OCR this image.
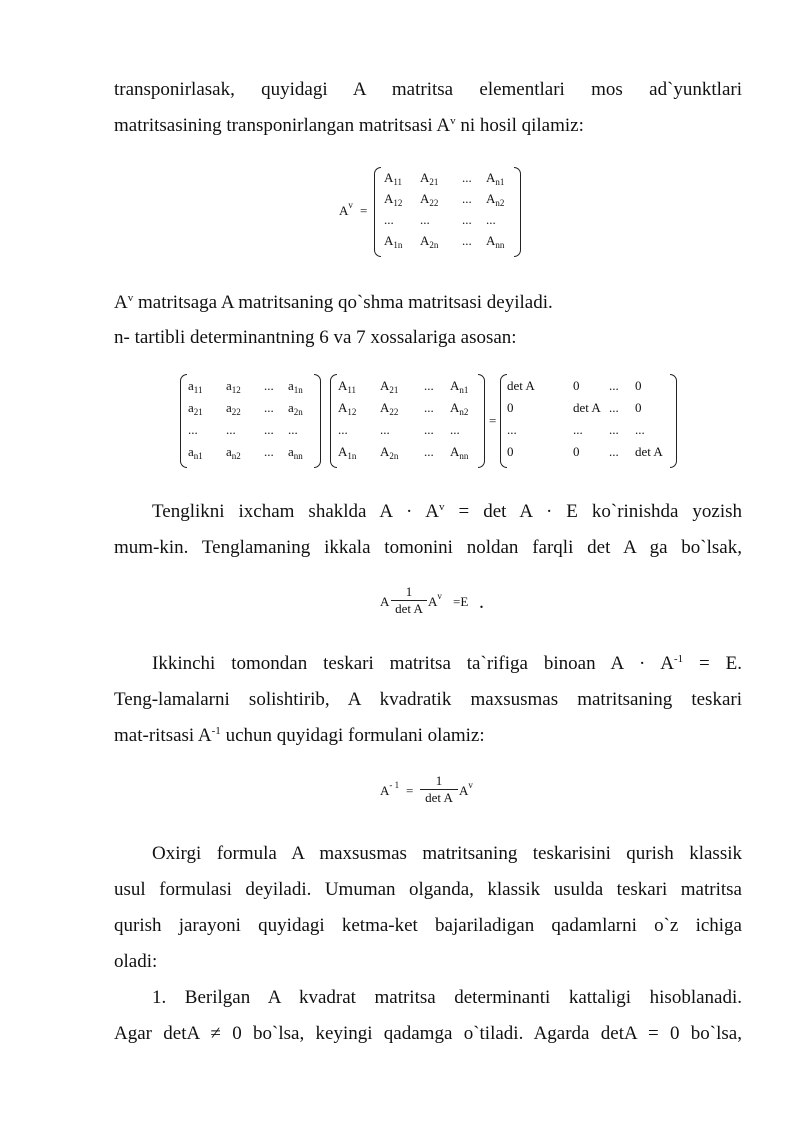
transponirlasak, quyidagi A matritsa elementlari mos ad`yunktlari

matritsasining transponirlangan matritsasi $A^v$ ni hosil qilamiz:

$A^v$ =
$A_{11}$ $A_{21}$ ... $A_{n1}$
$A_{12}$ $A_{22}$ ... $A_{n2}$
... ... ... ...
$A_{1n}$ $A_{2n}$ ... $A_{nn}$

$A^v$ matritsaga A matritsaning qo`shma matritsasi deyiladi.

n- tartibli determinantning 6 va 7 xossalariga asosan:

=
$a_{11}$ $a_{12}$ ... $a_{1n}$
$a_{21}$ $a_{22}$ ... $a_{2n}$
... ... ... ...
$a_{n1}$ $a_{n2}$ ... $a_{nn}$
$A_{11}$ $A_{21}$ ... $A_{n1}$
$A_{12}$ $A_{22}$ ... $A_{n2}$
... ...	... ...
$A_{1n}$ $A_{2n}$ ... $A_{nn}$
det A	0 ... 0
0	det A ... 0
...	... ... ...
0	0 ... det A

Tenglikni ixcham shaklda $A \cdot A^v = \det A \cdot E$ ko`rinishda yozish

mum-kin. Tenglamaning ikkala tomonini noldan farqli det A ga bo`lsak,

A
1
det A $A^v =E$ .

Ikkinchi tomondan teskari matritsa ta`rifiga binoan $A \cdot A^{-1} = E$.

Teng-lamalarni solishtirib, A kvadratik maxsusmas matritsaning teskari

mat-ritsasi $A^{-1}$ uchun quyidagi formulani olamiz:

$A^{- 1}$ =
1
det A $A^v$

Oxirgi formula A maxsusmas matritsaning teskarisini qurish klassik

usul formulasi deyiladi. Umuman olganda, klassik usulda teskari matritsa

qurish jarayoni quyidagi ketma-ket bajariladigan qadamlarni o`z ichiga

oladi:

1. Berilgan A kvadrat matritsa determinanti kattaligi hisoblanadi.

Agar detA ≠ 0 bo`lsa, keyingi qadamga o`tiladi. Agarda detA = 0 bo`lsa,
